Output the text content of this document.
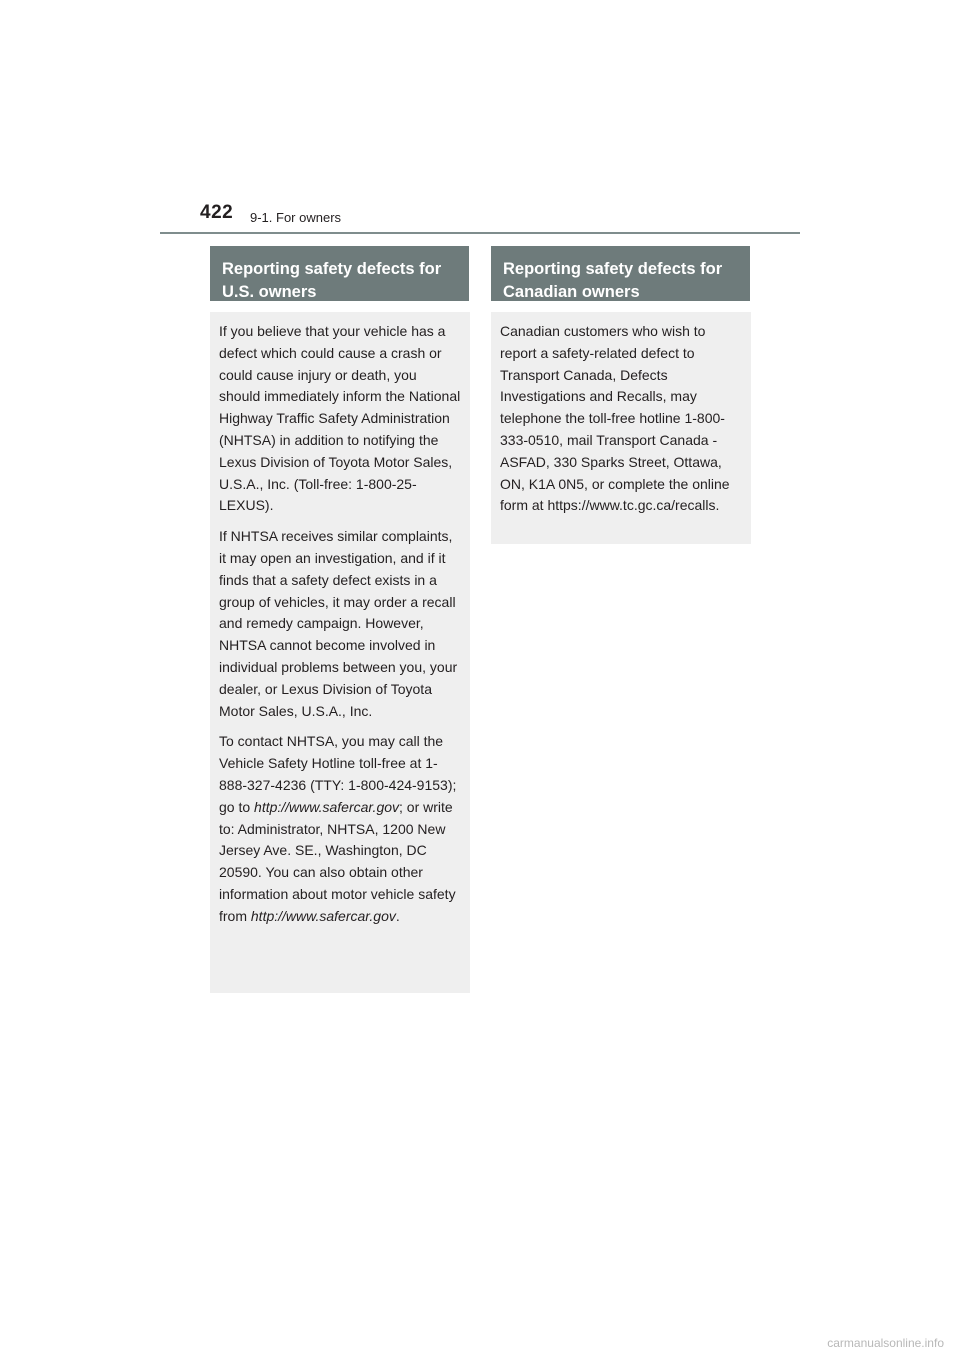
422 9-1. For owners
Reporting safety defects for U.S. owners

If you believe that your vehicle has a defect which could cause a crash or could cause injury or death, you should immediately inform the National Highway Traffic Safety Administration (NHTSA) in addition to notifying the Lexus Division of Toyota Motor Sales, U.S.A., Inc. (Toll-free: 1-800-25-LEXUS).

If NHTSA receives similar complaints, it may open an investigation, and if it finds that a safety defect exists in a group of vehicles, it may order a recall and remedy campaign. However, NHTSA cannot become involved in individual problems between you, your dealer, or Lexus Division of Toyota Motor Sales, U.S.A., Inc.

To contact NHTSA, you may call the Vehicle Safety Hotline toll-free at 1-888-327-4236 (TTY: 1-800-424-9153); go to http://www.safercar.gov; or write to: Administrator, NHTSA, 1200 New Jersey Ave. SE., Washington, DC 20590. You can also obtain other information about motor vehicle safety from http://www.safercar.gov.

Reporting safety defects for Canadian owners

Canadian customers who wish to report a safety-related defect to Transport Canada, Defects Investigations and Recalls, may telephone the toll-free hotline 1-800-333-0510, mail Transport Canada - ASFAD, 330 Sparks Street, Ottawa, ON, K1A 0N5, or complete the online form at https://www.tc.gc.ca/recalls.

carmanualsonline.info
